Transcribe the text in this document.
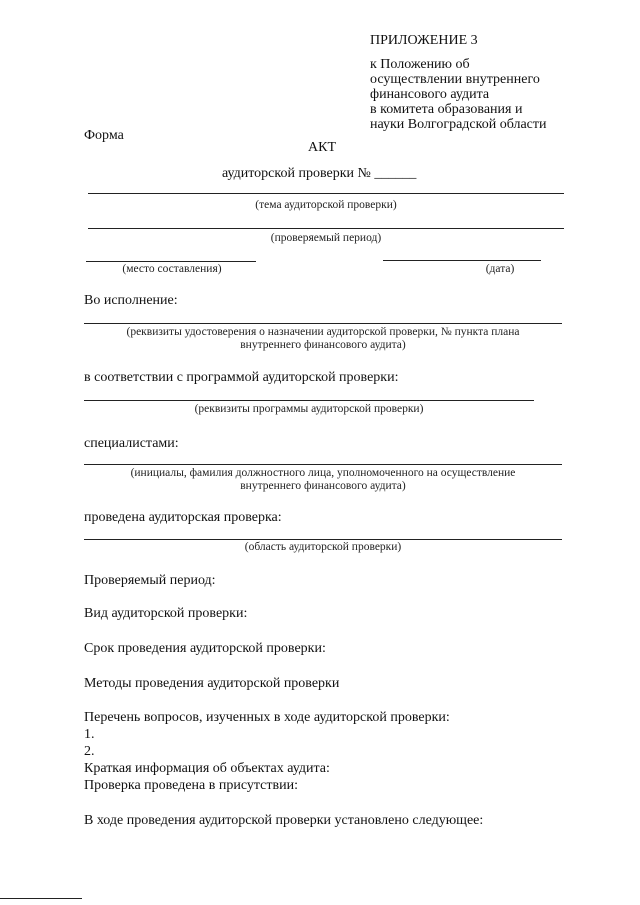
ПРИЛОЖЕНИЕ 3
к Положению об
осуществлении внутреннего
финансового аудита
в комитета образования и
науки Волгоградской области
Форма
АКТ
аудиторской проверки № ______
(тема аудиторской проверки)
(проверяемый период)
(место составления)	(дата)
Во исполнение:
(реквизиты удостоверения о назначении аудиторской проверки, № пункта плана
внутреннего финансового аудита)
в соответствии с программой аудиторской проверки:
(реквизиты программы аудиторской проверки)
специалистами:
(инициалы, фамилия должностного лица, уполномоченного на осуществление
внутреннего финансового аудита)
проведена аудиторская проверка:
(область аудиторской проверки)
Проверяемый период:
Вид аудиторской проверки:
Срок проведения аудиторской проверки:
Методы проведения аудиторской проверки
Перечень вопросов, изученных в ходе аудиторской проверки:
1.
2.
Краткая информация об объектах аудита:
Проверка проведена в присутствии:
В ходе проведения аудиторской проверки установлено следующее:
